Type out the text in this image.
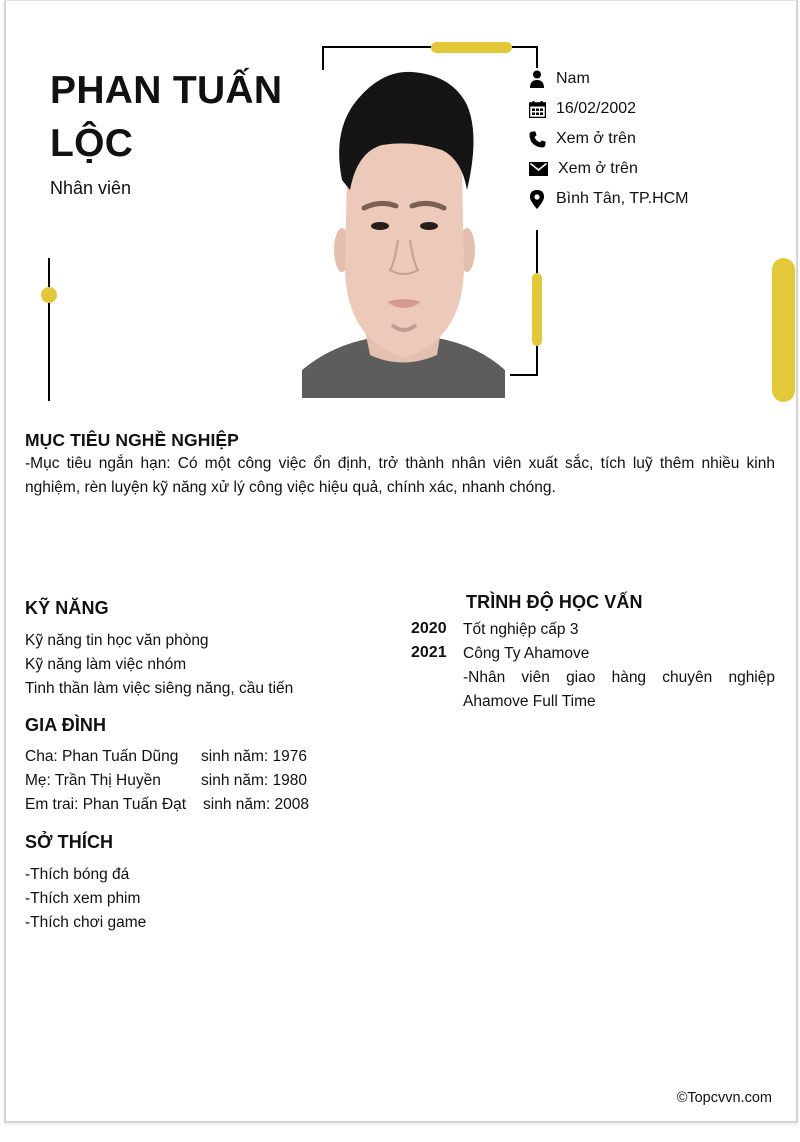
PHAN TUẤN
LỘC
Nhân viên
Nam
16/02/2002
Xem ở trên
Xem ở trên
Bình Tân, TP.HCM
MỤC TIÊU NGHỀ NGHIỆP
-Mục tiêu ngắn hạn: Có một công việc ổn định, trở thành nhân viên xuất sắc, tích luỹ thêm nhiều kinh nghiệm, rèn luyện kỹ năng xử lý công việc hiệu quả, chính xác, nhanh chóng.
KỸ NĂNG
Kỹ năng tin học văn phòng
Kỹ năng làm việc nhóm
Tinh thần làm việc siêng năng, cầu tiến
GIA ĐÌNH
Cha: Phan Tuấn Dũng sinh năm: 1976
Mẹ: Trần Thị Huyền	sinh năm: 1980
Em trai: Phan Tuấn Đạt sinh năm: 2008
SỞ THÍCH
-Thích bóng đá
-Thích xem phim
-Thích chơi game
TRÌNH ĐỘ HỌC VẤN
2020 Tốt nghiệp cấp 3
2021 Công Ty Ahamove
-Nhân viên giao hàng chuyên nghiệp Ahamove Full Time
©Topcvvn.com
